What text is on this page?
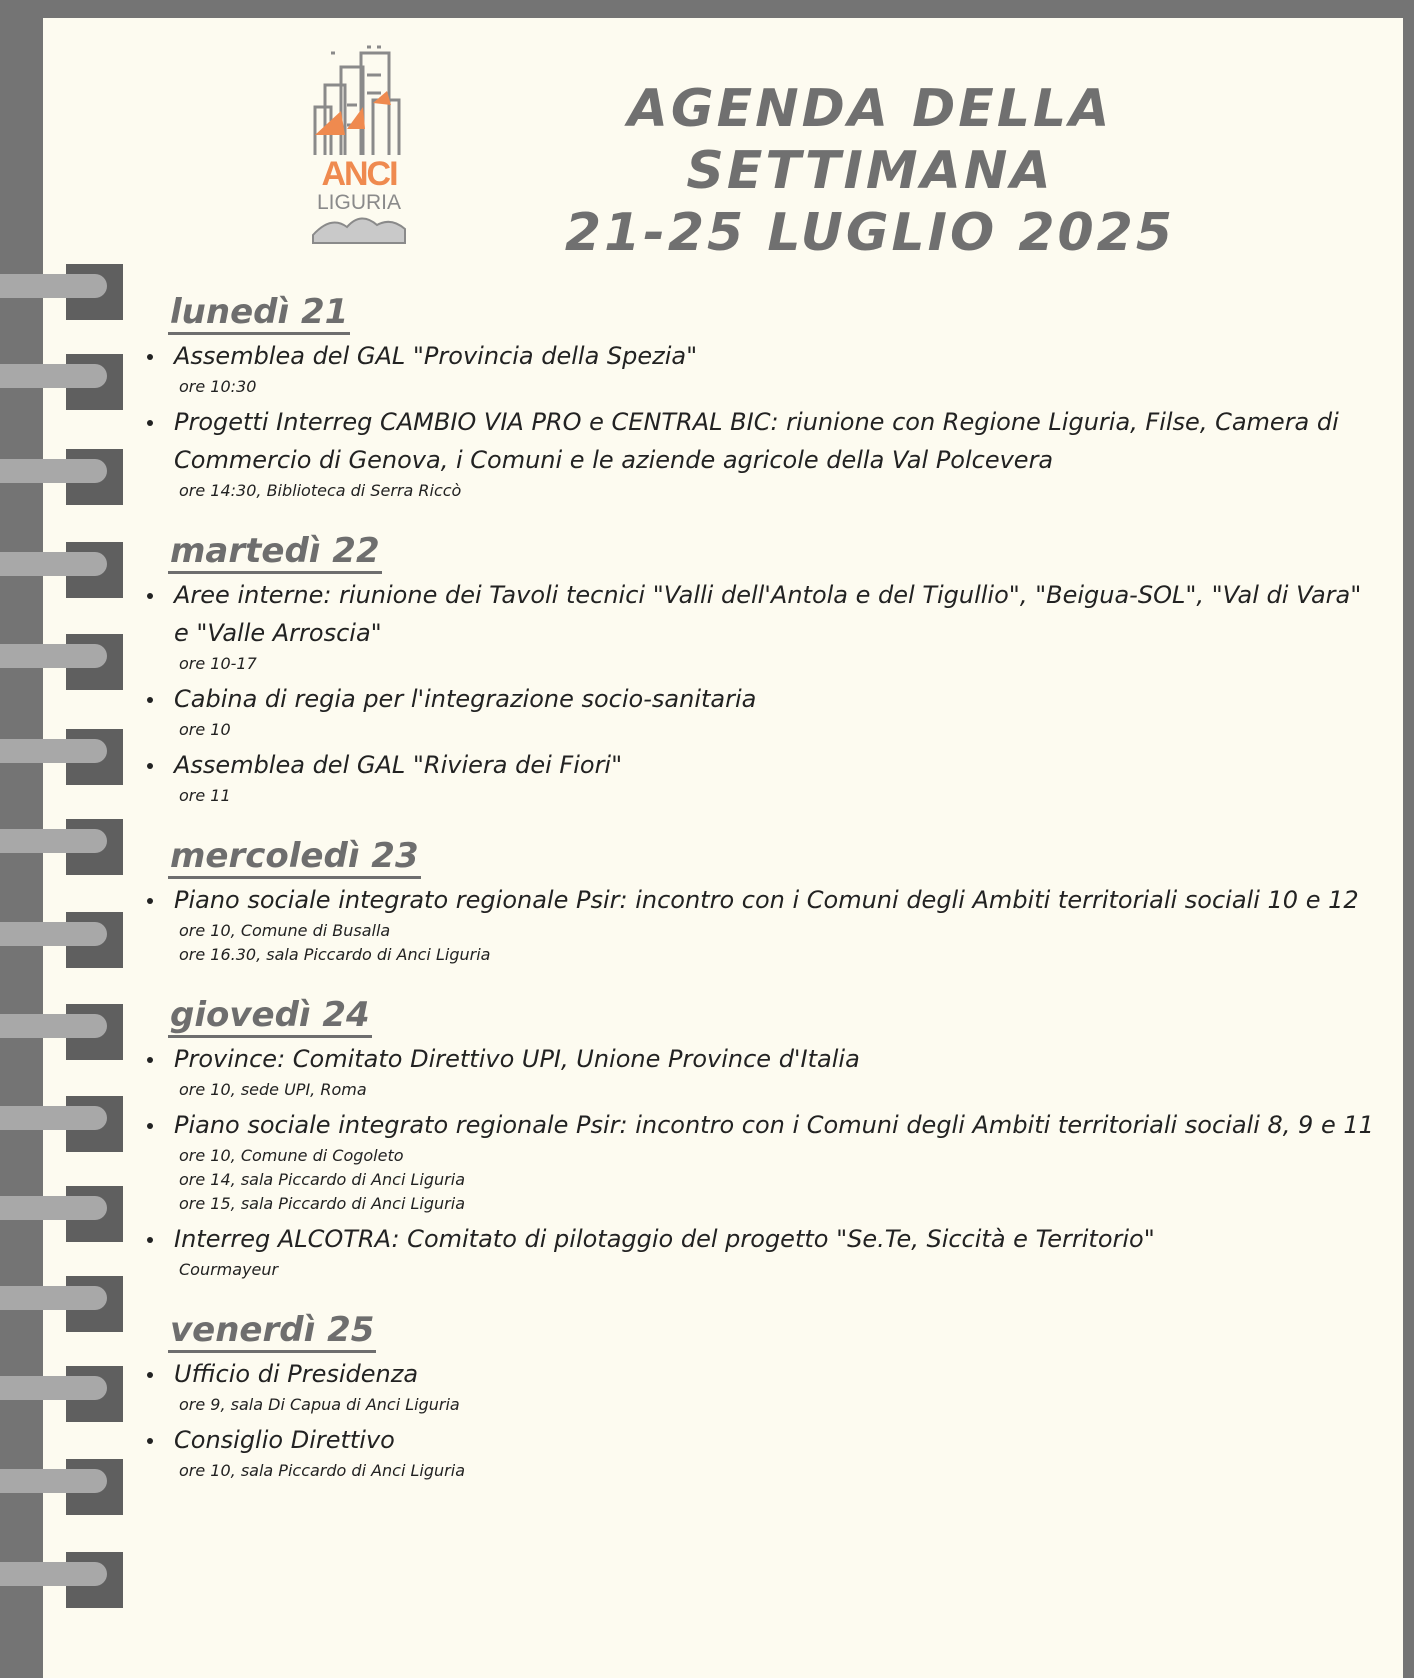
ANCI
LIGURIA
AGENDA DELLA SETTIMANA
21-25 LUGLIO 2025
lunedì 21
Assemblea del GAL "Provincia della Spezia"
ore 10:30
Progetti Interreg CAMBIO VIA PRO e CENTRAL BIC: riunione con Regione Liguria, Filse, Camera di Commercio di Genova, i Comuni e le aziende agricole della Val Polcevera
ore 14:30, Biblioteca di Serra Riccò
martedì 22
Aree interne: riunione dei Tavoli tecnici "Valli dell'Antola e del Tigullio", "Beigua-SOL", "Val di Vara" e "Valle Arroscia"
ore 10-17
Cabina di regia per l'integrazione socio-sanitaria
ore 10
Assemblea del GAL "Riviera dei Fiori"
ore 11
mercoledì 23
Piano sociale integrato regionale Psir: incontro con i Comuni degli Ambiti territoriali sociali 10 e 12
ore 10, Comune di Busalla
ore 16.30, sala Piccardo di Anci Liguria
giovedì 24
Province: Comitato Direttivo UPI, Unione Province d'Italia
ore 10, sede UPI, Roma
Piano sociale integrato regionale Psir: incontro con i Comuni degli Ambiti territoriali sociali 8, 9 e 11
ore 10, Comune di Cogoleto
ore 14, sala Piccardo di Anci Liguria
ore 15, sala Piccardo di Anci Liguria
Interreg ALCOTRA: Comitato di pilotaggio del progetto "Se.Te, Siccità e Territorio"
Courmayeur
venerdì 25
Ufficio di Presidenza
ore 9, sala Di Capua di Anci Liguria
Consiglio Direttivo
ore 10, sala Piccardo di Anci Liguria
